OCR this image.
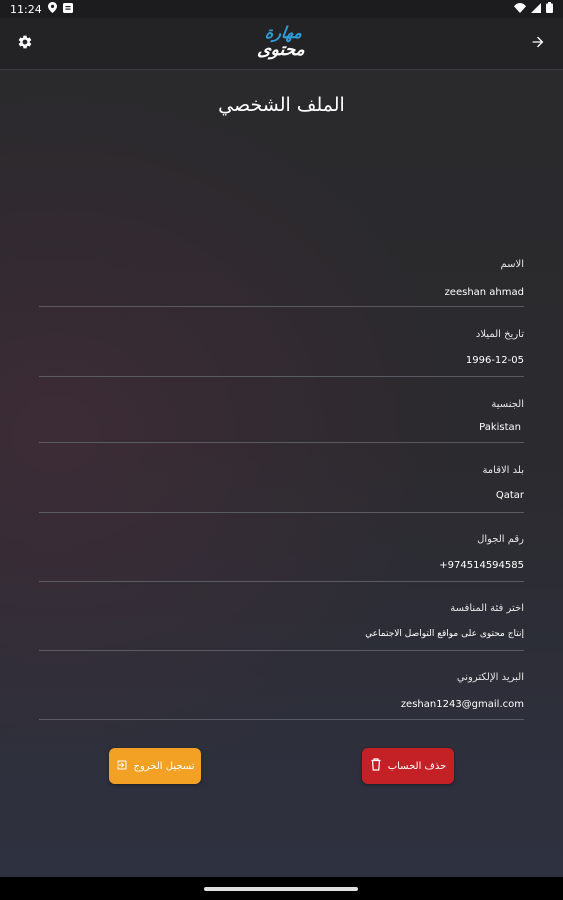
11:24
مهارة
محتوى
الملف الشخصي
الاسم
zeeshan ahmad
تاريخ الميلاد
1996-12-05
الجنسية
Pakistan
بلد الاقامة
Qatar
رقم الجوال
+974514594585
اختر فئة المنافسة
إنتاج محتوى على مواقع التواصل الاجتماعي
البريد الإلكتروني
zeshan1243@gmail.com
تسجيل الخروج	حذف الحساب
